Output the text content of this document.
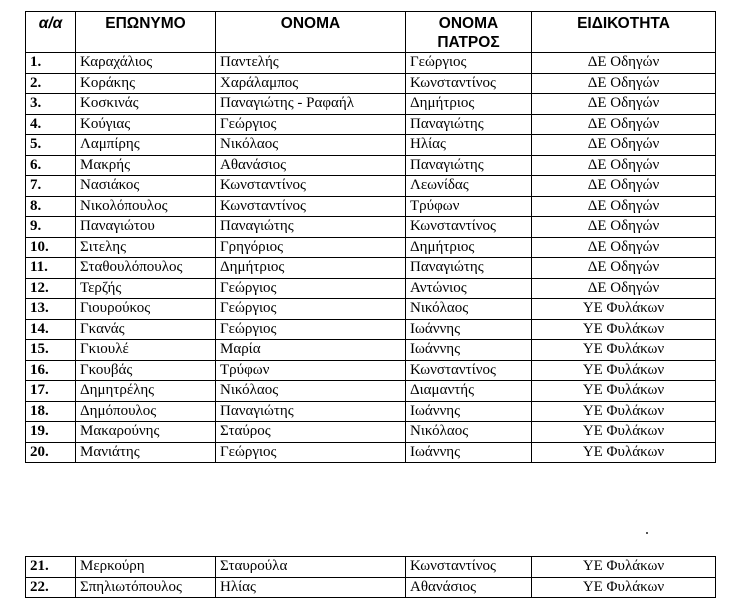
α/α	ΕΠΩΝΥΜΟ	ΟΝΟΜΑ	ΟΝΟΜΑ
ΠΑΤΡΟΣ	ΕΙΔΙΚΟΤΗΤΑ
1.	Καραχάλιος	Παντελής	Γεώργιος	ΔΕ Οδηγών
2.	Κοράκης	Χαράλαμπος	Κωνσταντίνος	ΔΕ Οδηγών
3.	Κοσκινάς	Παναγιώτης - Ραφαήλ	Δημήτριος	ΔΕ Οδηγών
4.	Κούγιας	Γεώργιος	Παναγιώτης	ΔΕ Οδηγών
5.	Λαμπίρης	Νικόλαος	Ηλίας	ΔΕ Οδηγών
6.	Μακρής	Αθανάσιος	Παναγιώτης	ΔΕ Οδηγών
7.	Νασιάκος	Κωνσταντίνος	Λεωνίδας	ΔΕ Οδηγών
8.	Νικολόπουλος	Κωνσταντίνος	Τρύφων	ΔΕ Οδηγών
9.	Παναγιώτου	Παναγιώτης	Κωνσταντίνος	ΔΕ Οδηγών
10.	Σιτελης	Γρηγόριος	Δημήτριος	ΔΕ Οδηγών
11.	Σταθουλόπουλος	Δημήτριος	Παναγιώτης	ΔΕ Οδηγών
12.	Τερζής	Γεώργιος	Αντώνιος	ΔΕ Οδηγών
13.	Γιουρούκος	Γεώργιος	Νικόλαος	ΥΕ Φυλάκων
14.	Γκανάς	Γεώργιος	Ιωάννης	ΥΕ Φυλάκων
15.	Γκιουλέ	Μαρία	Ιωάννης	ΥΕ Φυλάκων
16.	Γκουβάς	Τρύφων	Κωνσταντίνος	ΥΕ Φυλάκων
17.	Δημητρέλης	Νικόλαος	Διαμαντής	ΥΕ Φυλάκων
18.	Δημόπουλος	Παναγιώτης	Ιωάννης	ΥΕ Φυλάκων
19.	Μακαρούνης	Σταύρος	Νικόλαος	ΥΕ Φυλάκων
20.	Μανιάτης	Γεώργιος	Ιωάννης	ΥΕ Φυλάκων
21.	Μερκούρη	Σταυρούλα	Κωνσταντίνος	ΥΕ Φυλάκων
22.	Σπηλιωτόπουλος	Ηλίας	Αθανάσιος	ΥΕ Φυλάκων
